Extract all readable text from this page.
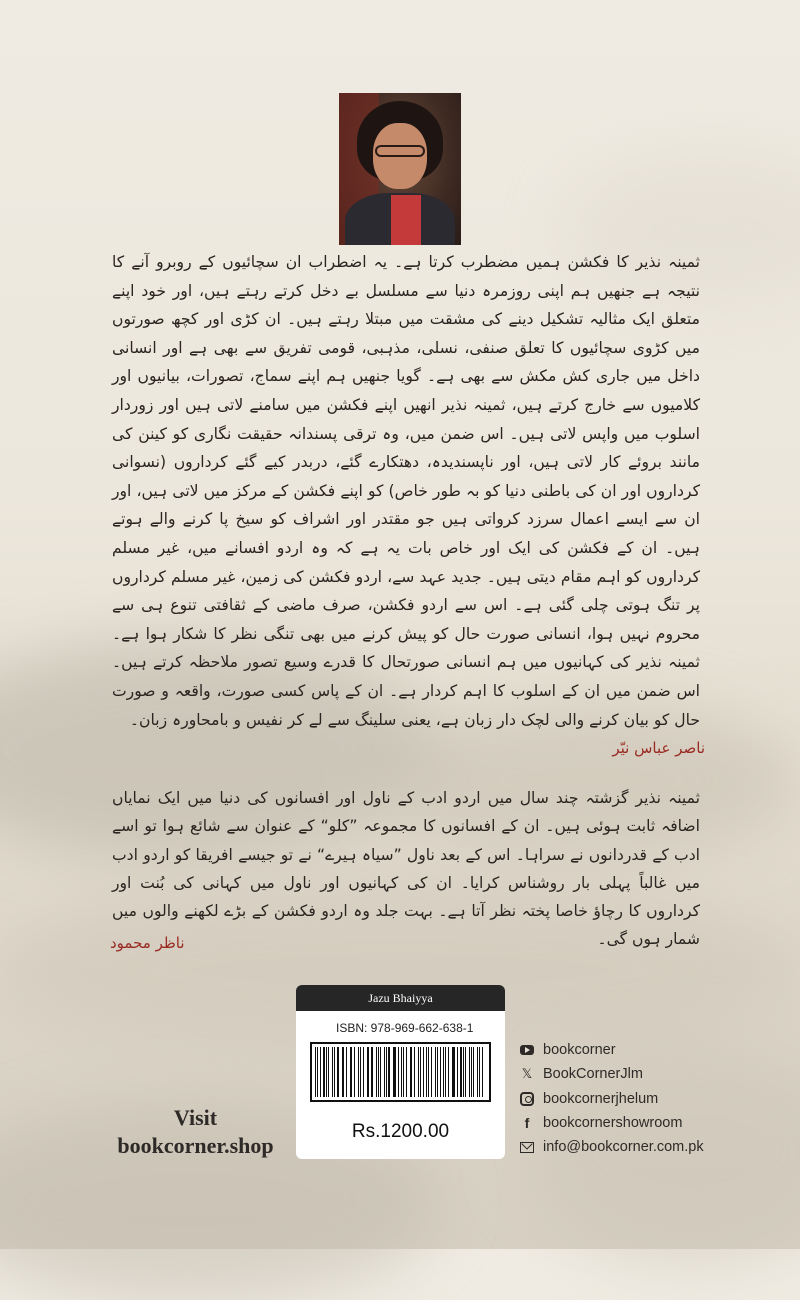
ثمینہ نذیر کا فکشن ہمیں مضطرب کرتا ہے۔ یہ اضطراب ان سچائیوں کے روبرو آنے کا نتیجہ ہے جنھیں ہم اپنی روزمرہ دنیا سے مسلسل بے دخل کرتے رہتے ہیں، اور خود اپنے متعلق ایک مثالیہ تشکیل دینے کی مشقت میں مبتلا رہتے ہیں۔ ان کڑی اور کچھ صورتوں میں کڑوی سچائیوں کا تعلق صنفی، نسلی، مذہبی، قومی تفریق سے بھی ہے اور انسانی داخل میں جاری کش مکش سے بھی ہے۔ گویا جنھیں ہم اپنے سماج، تصورات، بیانیوں اور کلامیوں سے خارج کرتے ہیں، ثمینہ نذیر انھیں اپنے فکشن میں سامنے لاتی ہیں اور زوردار اسلوب میں واپس لاتی ہیں۔ اس ضمن میں، وہ ترقی پسندانہ حقیقت نگاری کو کینن کی مانند بروئے کار لاتی ہیں، اور ناپسندیدہ، دھتکارے گئے، دربدر کیے گئے کرداروں (نسوانی کرداروں اور ان کی باطنی دنیا کو بہ طور خاص) کو اپنے فکشن کے مرکز میں لاتی ہیں، اور ان سے ایسے اعمال سرزد کرواتی ہیں جو مقتدر اور اشراف کو سیخ پا کرنے والے ہوتے ہیں۔ ان کے فکشن کی ایک اور خاص بات یہ ہے کہ وہ اردو افسانے میں، غیر مسلم کرداروں کو اہم مقام دیتی ہیں۔ جدید عہد سے، اردو فکشن کی زمین، غیر مسلم کرداروں پر تنگ ہوتی چلی گئی ہے۔ اس سے اردو فکشن، صرف ماضی کے ثقافتی تنوع ہی سے محروم نہیں ہوا، انسانی صورت حال کو پیش کرنے میں بھی تنگی نظر کا شکار ہوا ہے۔ ثمینہ نذیر کی کہانیوں میں ہم انسانی صورتحال کا قدرے وسیع تصور ملاحظہ کرتے ہیں۔ اس ضمن میں ان کے اسلوب کا اہم کردار ہے۔ ان کے پاس کسی صورت، واقعہ و صورت حال کو بیان کرنے والی لچک دار زبان ہے، یعنی سلینگ سے لے کر نفیس و بامحاورہ زبان۔

ناصر عباس نیّر

ثمینہ نذیر گزشتہ چند سال میں اردو ادب کے ناول اور افسانوں کی دنیا میں ایک نمایاں اضافہ ثابت ہوئی ہیں۔ ان کے افسانوں کا مجموعہ ”کلو“ کے عنوان سے شائع ہوا تو اسے ادب کے قدردانوں نے سراہا۔ اس کے بعد ناول ”سیاہ ہیرے“ نے تو جیسے افریقا کو اردو ادب میں غالباً پہلی بار روشناس کرایا۔ ان کی کہانیوں اور ناول میں کہانی کی بُنت اور کرداروں کا رچاؤ خاصا پختہ نظر آتا ہے۔ بہت جلد وہ اردو فکشن کے بڑے لکھنے والوں میں شمار ہوں گی۔

ناظر محمود
Jazu Bhaiyya
ISBN: 978-969-662-638-1
Rs.1200.00
Visit
bookcorner.shop
bookcorner
𝕏 BookCornerJlm
bookcornerjhelum
f bookcornershowroom
info@bookcorner.com.pk
